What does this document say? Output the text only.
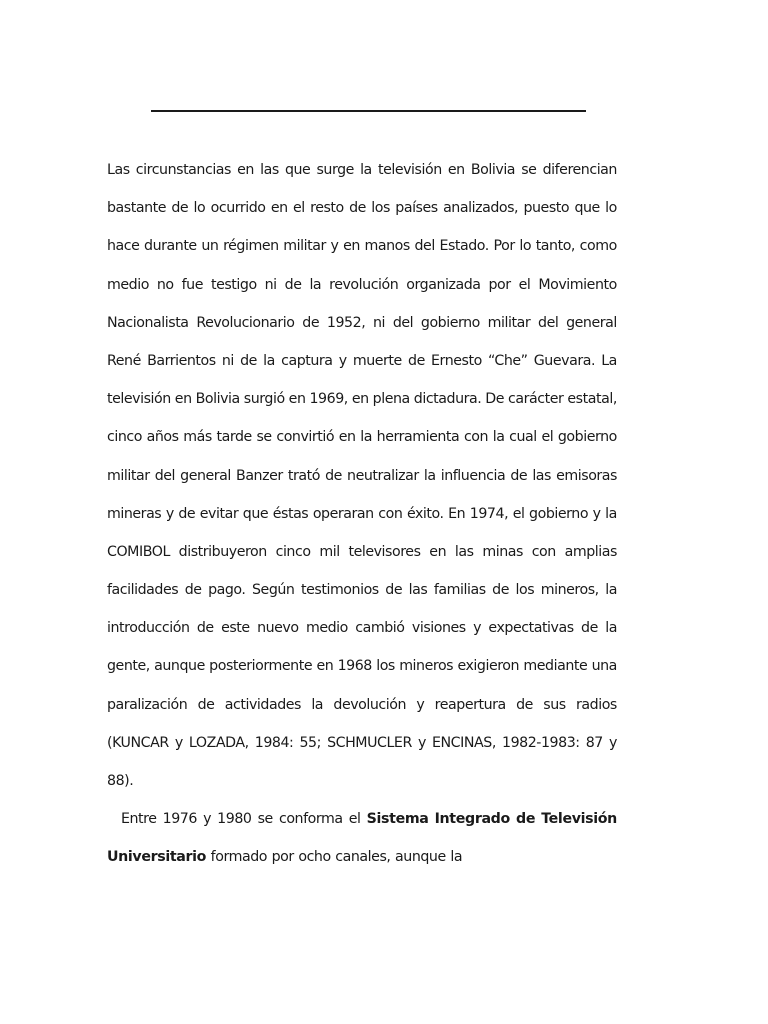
Las circunstancias en las que surge la televisión en Bolivia se diferencian
bastante de lo ocurrido en el resto de los países analizados, puesto que lo
hace durante un régimen militar y en manos del Estado. Por lo tanto, como
medio no fue testigo ni de la revolución organizada por el Movimiento
Nacionalista Revolucionario de 1952, ni del gobierno militar del general
René Barrientos ni de la captura y muerte de Ernesto “Che” Guevara. La
televisión en Bolivia surgió en 1969, en plena dictadura. De carácter estatal,
cinco años más tarde se convirtió en la herramienta con la cual el gobierno
militar del general Banzer trató de neutralizar la influencia de las emisoras
mineras y de evitar que éstas operaran con éxito. En 1974, el gobierno y la
COMIBOL distribuyeron cinco mil televisores en las minas con amplias
facilidades de pago. Según testimonios de las familias de los mineros, la
introducción de este nuevo medio cambió visiones y expectativas de la
gente, aunque posteriormente en 1968 los mineros exigieron mediante una
paralización de actividades la devolución y reapertura de sus radios
(KUNCAR y LOZADA, 1984: 55; SCHMUCLER y ENCINAS, 1982-1983: 87 y
88).
Entre 1976 y 1980 se conforma el Sistema Integrado de Televisión
Universitario formado por ocho canales, aunque la
